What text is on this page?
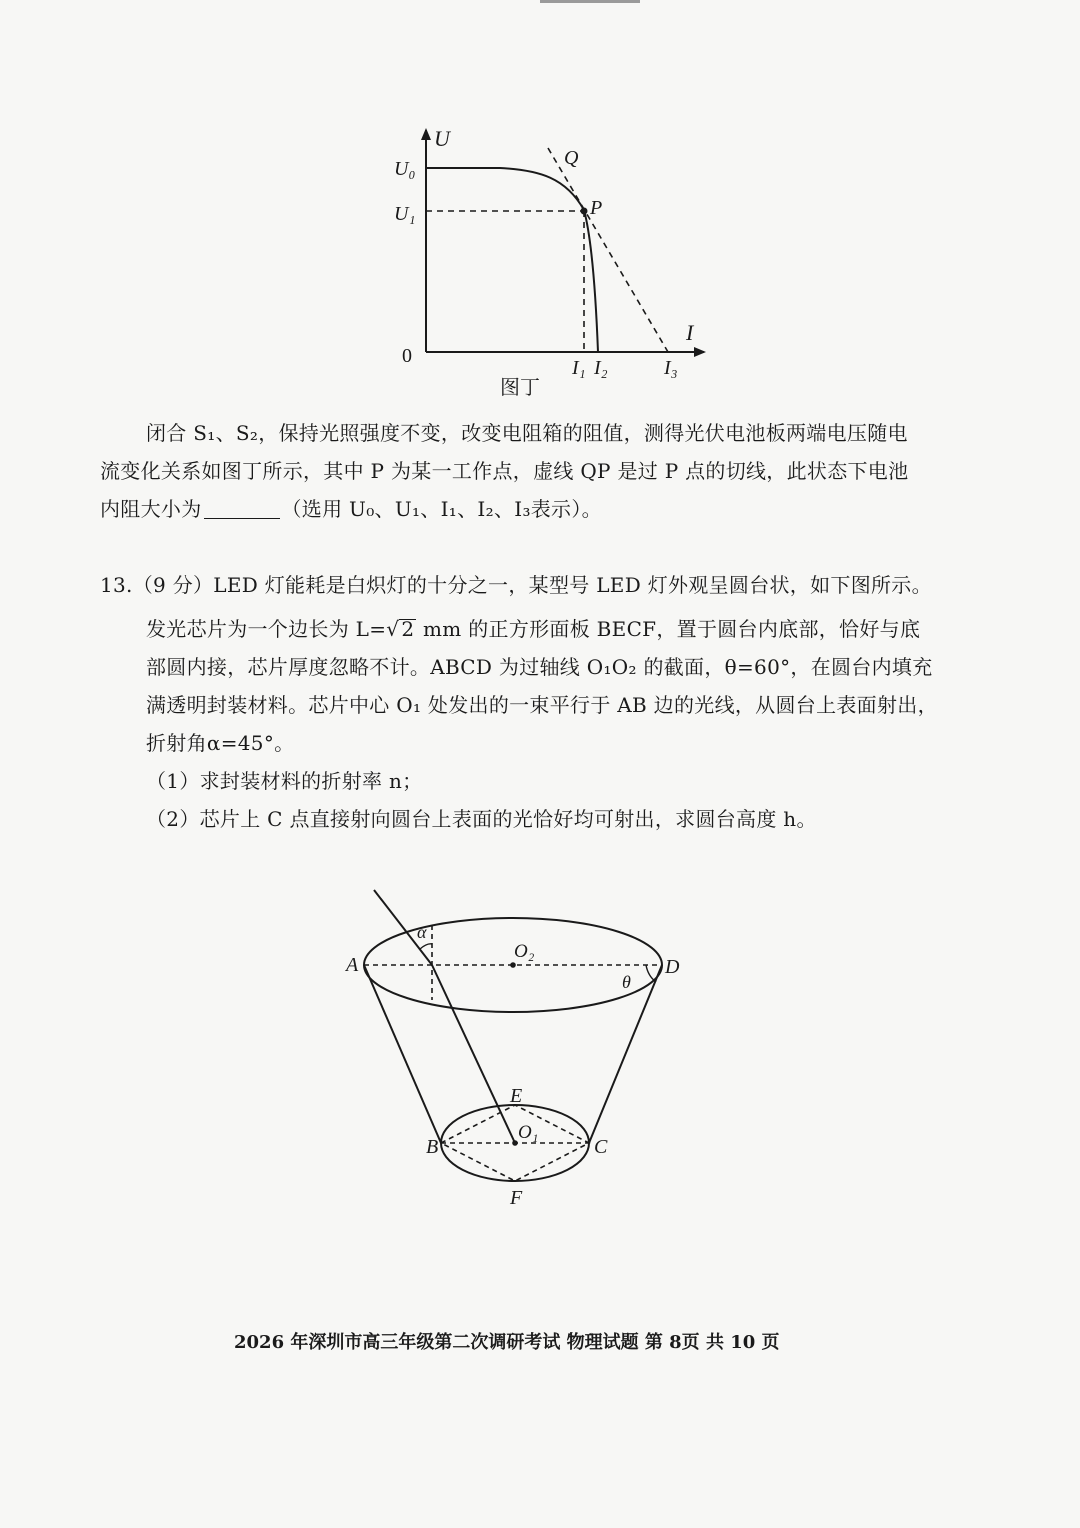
U
I
0
U₀
U₁
Q
P
I₁ I₂	I₃
图丁
闭合 S₁、S₂，保持光照强度不变，改变电阻箱的阻值，测得光伏电池板两端电压随电
流变化关系如图丁所示，其中 P 为某一工作点，虚线 QP 是过 P 点的切线，此状态下电池
内阻大小为	（选用 U₀、U₁、I₁、I₂、I₃表示）。
13.（9 分）LED 灯能耗是白炽灯的十分之一，某型号 LED 灯外观呈圆台状，如下图所示。
发光芯片为一个边长为 L=√ 2 mm 的正方形面板 BECF，置于圆台内底部，恰好与底
部圆内接，芯片厚度忽略不计。ABCD 为过轴线 O₁O₂ 的截面，θ=60°，在圆台内填充
满透明封装材料。芯片中心 O₁ 处发出的一束平行于 AB 边的光线，从圆台上表面射出，
折射角α=45°。
（1）求封装材料的折射率 n；
（2）芯片上 C 点直接射向圆台上表面的光恰好均可射出，求圆台高度 h。
A	D
B	C
E
F
O₁
O₂
α
θ
2026 年深圳市高三年级第二次调研考试 物理试题 第 8页 共 10 页
